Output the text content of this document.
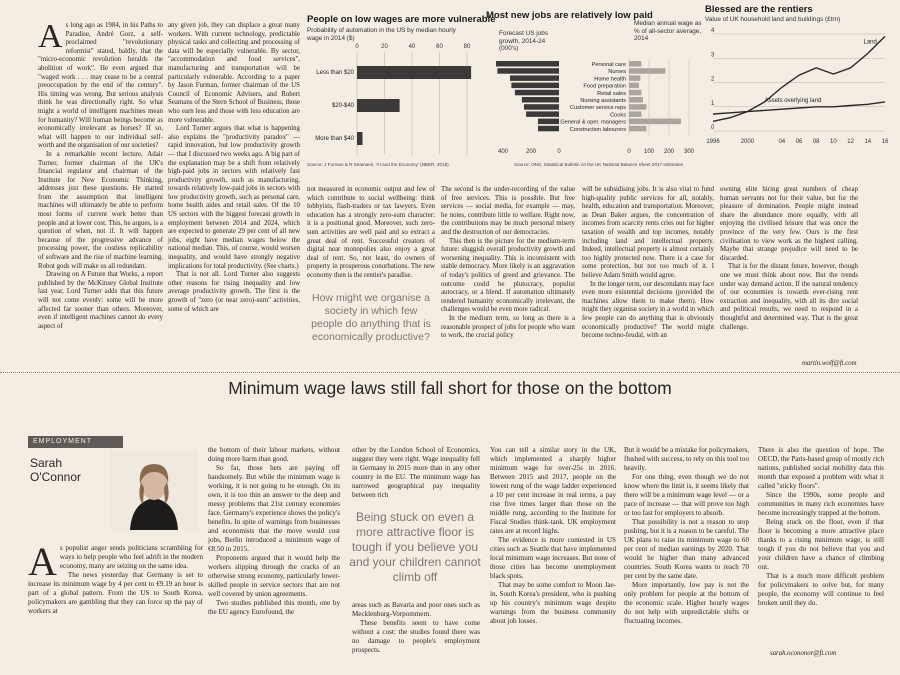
People on low wages are more vulnerable
Probability of automation in the US by median hourly wage in 2014 ($)
0	20	40	60	80
Less than $20
$20-$40
More than $40
Source: J Furman & R Seamans, 'AI and the Economy' (NBER, 2018)
Most new jobs are relatively low paid
Forecast US jobs growth, 2014-24 (000's)
Median annual wage as % of all-sector average, 2014
Personal care
Nurses
Home health
Food preparation
Retail sales
Nursing assistants
Customer service reps
Cooks
General & oper. managers
Construction labourers
400	200	0	0 100 200 300
Source: ONS, Statistical Bulletin on the UK National Balance Sheet 2017 estimates
Blessed are the rentiers
Value of UK household land and buildings (£trn)
0
1
2
3
4
1996	2000	04 06 08 10 12 14 16
Land
Assets overlying land

As long ago as 1984, in his Paths to Paradise, André Gorz, a self-proclaimed "revolutionary reformist" stated, baldly, that the "micro-economic revolution heralds the abolition of work". He even argued that "waged work . . . may cease to be a central preoccupation by the end of the century". His timing was wrong. But serious analysts think he was directionally right. So what might a world of intelligent machines mean for humanity? Will human beings become as economically irrelevant as horses? If so, what will happen to our individual self-worth and the organisation of our societies?

In a remarkable recent lecture, Adair Turner, former chairman of the UK's financial regulator and chairman of the Institute for New Economic Thinking, addresses just these questions. He started from the assumption that intelligent machines will ultimately be able to perform most forms of current work better than people and at lower cost. This, he argues, is a question of when, not if. It will happen because of the progressive advance of processing power, the costless replicability of software and the rise of machine learning. Robot gods will make us all redundant.

Drawing on A Future that Works, a report published by the McKinsey Global Institute last year, Lord Turner adds that this future will not come evenly: some will be more affected far sooner than others. Moreover, even if intelligent machines cannot do every aspect of

any given job, they can displace a great many workers. With current technology, predictable physical tasks and collecting and processing of data will be especially vulnerable. By sector, "accommodation and food services", manufacturing and transportation will be particularly vulnerable. According to a paper by Jason Furman, former chairman of the US Council of Economic Advisers, and Robert Seamans of the Stern School of Business, those who earn less and those with less education are more vulnerable.

Lord Turner argues that what is happening also explains the "productivity paradox" — rapid innovation, but low productivity growth — that I discussed two weeks ago. A big part of the explanation may be a shift from relatively high-paid jobs in sectors with relatively fast productivity growth, such as manufacturing, towards relatively low-paid jobs in sectors with low productivity growth, such as personal care, home health aides and retail sales. Of the 10 US sectors with the biggest forecast growth in employment between 2014 and 2024, which are expected to generate 29 per cent of all new jobs, eight have median wages below the national median. This, of course, would worsen inequality, and would have strongly negative implications for total productivity. (See charts.)

That is not all. Lord Turner also suggests other reasons for rising inequality and low average productivity growth. The first is the growth of "zero (or near zero)-sum" activities, some of which are

not measured in economic output and few of which contribute to social wellbeing: think lobbyists, flash-traders or tax lawyers. Even education has a strongly zero-sum character: it is a positional good. Moreover, such zero-sum activities are well paid and so extract a great deal of rent. Successful creators of digital near monopolies also enjoy a great deal of rent. So, not least, do owners of property in prosperous conurbations. The new economy then is the rentier's paradise.

How might we organise a society in which few people do anything that is economically productive?

The second is the under-recording of the value of free services. This is possible. But free services — social media, for example — may, he notes, contribute little to welfare. Right now, the contributions may be much personal misery and the destruction of our democracies.

This then is the picture for the medium-term future: sluggish overall productivity growth and worsening inequality. This is inconsistent with stable democracy. More likely is an aggravation of today's politics of greed and grievance. The outcome could be plutocracy, populist autocracy, or a blend. If automation ultimately rendered humanity economically irrelevant, the challenges would be even more radical.

In the medium term, so long as there is a reasonable prospect of jobs for people who want to work, the crucial policy

will be subsidising jobs. It is also vital to fund high-quality public services for all, notably, health, education and transportation. Moreover, as Dean Baker argues, the concentration of incomes from scarcity rents cries out for higher taxation of wealth and top incomes, notably including land and intellectual property. Indeed, intellectual property is almost certainly too highly protected now. There is a case for some protection, but not too much of it. I believe Adam Smith would agree.

In the longer term, our descendants may face even more existential decisions (provided the machines allow them to make them). How might they organise society in a world in which few people can do anything that is obviously economically productive? The world might become techno-feudal, with an

owning elite hiring great numbers of cheap human servants not for their value, but for the pleasure of domination. People might instead share the abundance more equally, with all enjoying the civilised leisure that was once the province of the very few. Ours is the first civilisation to view work as the highest calling. Maybe that strange prejudice will need to be discarded.

That is for the distant future, however, though one we must think about now. But the trends under way demand action. If the natural tendency of our economies is towards ever-rising rent extraction and inequality, with all its dire social and political results, we need to respond in a thoughtful and determined way. That is the great challenge.

martin.wolf@ft.com
Minimum wage laws still fall short for those on the bottom
EMPLOYMENT
Sarah O'Connor

As populist anger sends politicians scrambling for ways to help people who feel adrift in the modern economy, many are seizing on the same idea.

The news yesterday that Germany is set to increase its minimum wage by 4 per cent to €9.19 an hour is part of a global pattern. From the US to South Korea, policymakers are gambling that they can force up the pay of workers at

the bottom of their labour markets, without doing more harm than good.

So far, those bets are paying off handsomely. But while the minimum wage is working, it is not going to be enough. On its own, it is too thin an answer to the deep and messy problems that 21st century economies face. Germany's experience shows the policy's benefits. In spite of warnings from businesses and economists that the move would cost jobs, Berlin introduced a minimum wage of €8.50 in 2015.

Proponents argued that it would help the workers slipping through the cracks of an otherwise strong economy, particularly lower-skilled people in service sectors that are not well covered by union agreements.

Two studies published this month, one by the EU agency Eurofound, the

other by the London School of Economics, suggest they were right. Wage inequality fell in Germany in 2015 more than in any other country in the EU. The minimum wage has narrowed geographical pay inequality between rich

Being stuck on even a more attractive floor is tough if you believe you and your children cannot climb off

areas such as Bavaria and poor ones such as Mecklenburg-Vorpommern.

These benefits seem to have come without a cost: the studies found there was no damage to people's employment prospects.

You can tell a similar story in the UK, which implemented a sharply higher minimum wage for over-25s in 2016. Between 2015 and 2017, people on the lowest rung of the wage ladder experienced a 10 per cent increase in real terms, a pay rise five times larger than those on the middle rung, according to the Institute for Fiscal Studies think-tank. UK employment rates are at record highs.

The evidence is more contested in US cities such as Seattle that have implemented local minimum wage increases. But none of those cities has become unemployment black spots.

That may be some comfort to Moon Jae-in, South Korea's president, who is pushing up his country's minimum wage despite warnings from the business community about job losses.

But it would be a mistake for policymakers, flushed with success, to rely on this tool too heavily.

For one thing, even though we do not know where the limit is, it seems likely that there will be a minimum wage level — or a pace of increase — that will prove too high or too fast for employers to absorb.

That possibility is not a reason to stop pushing, but it is a reason to be careful. The UK plans to raise its minimum wage to 60 per cent of median earnings by 2020. That would be higher than many advanced countries. South Korea wants to reach 70 per cent by the same date.

More importantly, low pay is not the only problem for people at the bottom of the economic scale. Higher hourly wages do not help with unpredictable shifts or fluctuating incomes.

There is also the question of hope. The OECD, the Paris-based group of mostly rich nations, published social mobility data this month that exposed a problem with what it called "sticky floors".

Since the 1990s, some people and communities in many rich economies have become increasingly trapped at the bottom.

Being stuck on the floor, even if that floor is becoming a more attractive place thanks to a rising minimum wage, is still tough if you do not believe that you and your children have a chance of climbing out.

That is a much more difficult problem for policymakers to solve but, for many people, the economy will continue to feel broken until they do.

sarah.ocononor@ft.com
